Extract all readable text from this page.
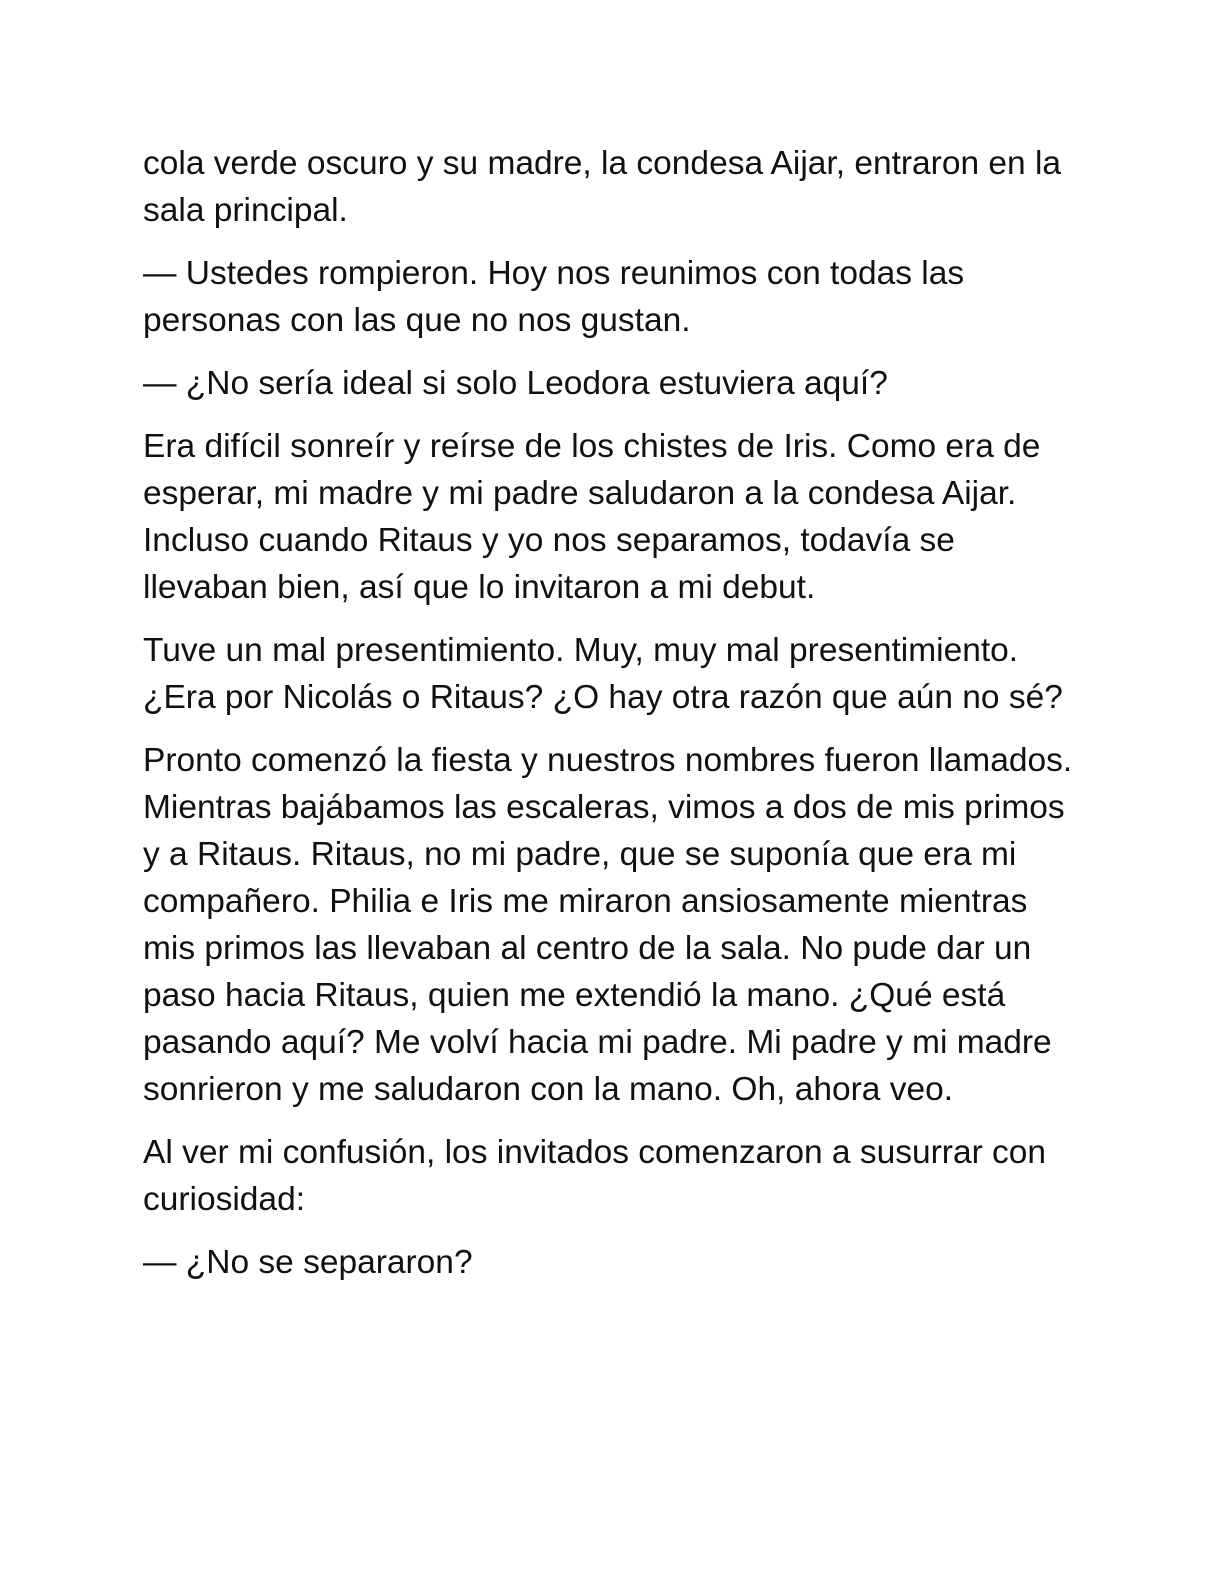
cola verde oscuro y su madre, la condesa Aijar, entraron en la sala principal.

— Ustedes rompieron. Hoy nos reunimos con todas las personas con las que no nos gustan.

— ¿No sería ideal si solo Leodora estuviera aquí?

Era difícil sonreír y reírse de los chistes de Iris. Como era de esperar, mi madre y mi padre saludaron a la condesa Aijar. Incluso cuando Ritaus y yo nos separamos, todavía se llevaban bien, así que lo invitaron a mi debut.

Tuve un mal presentimiento. Muy, muy mal presentimiento. ¿Era por Nicolás o Ritaus? ¿O hay otra razón que aún no sé?

Pronto comenzó la fiesta y nuestros nombres fueron llamados. Mientras bajábamos las escaleras, vimos a dos de mis primos y a Ritaus. Ritaus, no mi padre, que se suponía que era mi compañero. Philia e Iris me miraron ansiosamente mientras mis primos las llevaban al centro de la sala. No pude dar un paso hacia Ritaus, quien me extendió la mano. ¿Qué está pasando aquí? Me volví hacia mi padre. Mi padre y mi madre sonrieron y me saludaron con la mano. Oh, ahora veo.

Al ver mi confusión, los invitados comenzaron a susurrar con curiosidad:

— ¿No se separaron?
